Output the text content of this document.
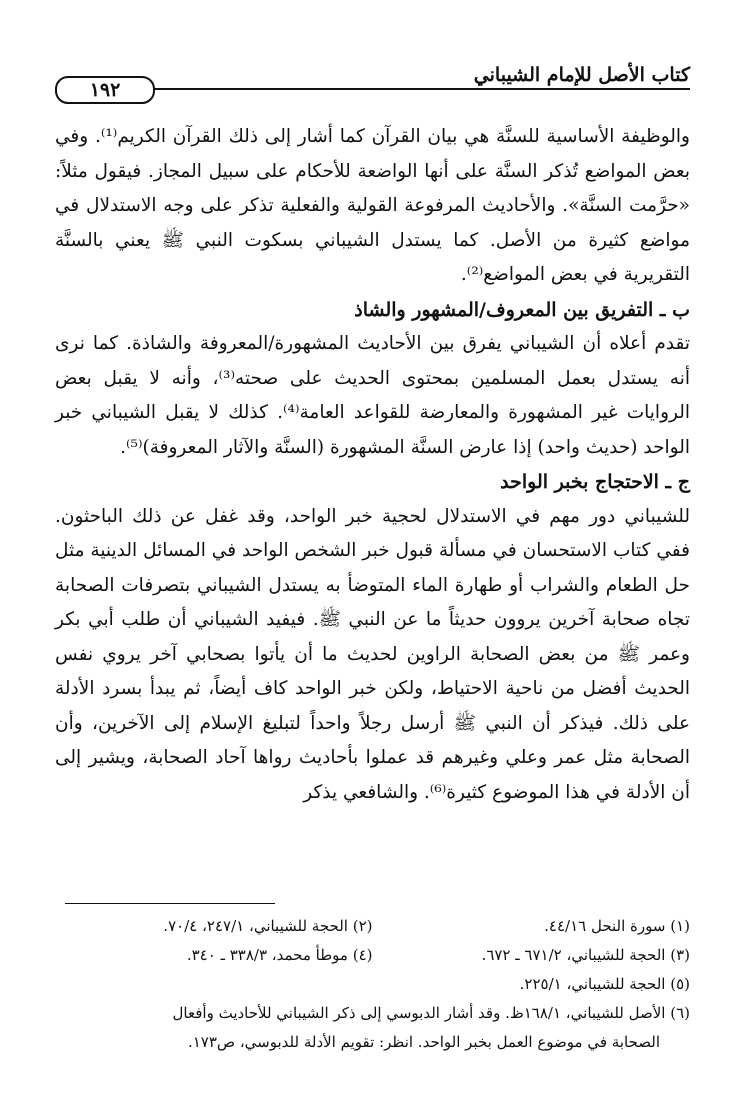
كتاب الأصل للإمام الشيباني
١٩٢

والوظيفة الأساسية للسنَّة هي بيان القرآن كما أشار إلى ذلك القرآن الكريم⁽¹⁾. وفي بعض المواضع تُذكر السنَّة على أنها الواضعة للأحكام على سبيل المجاز. فيقول مثلاً: «حرَّمت السنَّة». والأحاديث المرفوعة القولية والفعلية تذكر على وجه الاستدلال في مواضع كثيرة من الأصل. كما يستدل الشيباني بسكوت النبي ﷺ يعني بالسنَّة التقريرية في بعض المواضع⁽²⁾.

ب ـ التفريق بين المعروف/المشهور والشاذ

تقدم أعلاه أن الشيباني يفرق بين الأحاديث المشهورة/المعروفة والشاذة. كما نرى أنه يستدل بعمل المسلمين بمحتوى الحديث على صحته⁽³⁾، وأنه لا يقبل بعض الروايات غير المشهورة والمعارضة للقواعد العامة⁽⁴⁾. كذلك لا يقبل الشيباني خبر الواحد (حديث واحد) إذا عارض السنَّة المشهورة (السنَّة والآثار المعروفة)⁽⁵⁾.

ج ـ الاحتجاج بخبر الواحد

للشيباني دور مهم في الاستدلال لحجية خبر الواحد، وقد غفل عن ذلك الباحثون. ففي كتاب الاستحسان في مسألة قبول خبر الشخص الواحد في المسائل الدينية مثل حل الطعام والشراب أو طهارة الماء المتوضأ به يستدل الشيباني بتصرفات الصحابة تجاه صحابة آخرين يروون حديثاً ما عن النبي ﷺ. فيفيد الشيباني أن طلب أبي بكر وعمر ﷺ من بعض الصحابة الراوين لحديث ما أن يأتوا بصحابي آخر يروي نفس الحديث أفضل من ناحية الاحتياط، ولكن خبر الواحد كاف أيضاً، ثم يبدأ بسرد الأدلة على ذلك. فيذكر أن النبي ﷺ أرسل رجلاً واحداً لتبليغ الإسلام إلى الآخرين، وأن الصحابة مثل عمر وعلي وغيرهم قد عملوا بأحاديث رواها آحاد الصحابة، ويشير إلى أن الأدلة في هذا الموضوع كثيرة⁽⁶⁾. والشافعي يذكر

(١) سورة النحل ٤٤/١٦.
(٢) الحجة للشيباني، ٢٤٧/١، ٧٠/٤.
(٣) الحجة للشيباني، ٦٧١/٢ ـ ٦٧٢.
(٤) موطأ محمد، ٣٣٨/٣ ـ ٣٤٠.
(٥) الحجة للشيباني، ٢٢٥/١.
(٦) الأصل للشيباني، ١٦٨/١ظ. وقد أشار الدبوسي إلى ذكر الشيباني للأحاديث وأفعال
الصحابة في موضوع العمل بخبر الواحد. انظر: تقويم الأدلة للدبوسي، ص١٧٣.
